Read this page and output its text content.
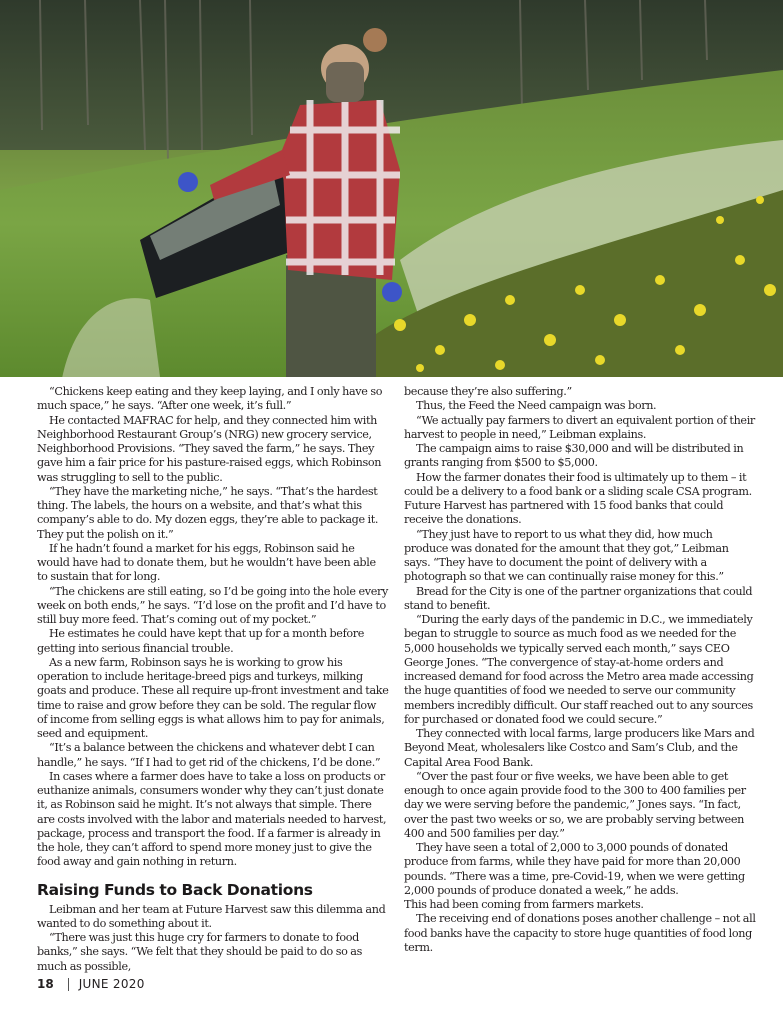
“Chickens keep eating and they keep laying, and I only have so much space,” he says. “After one week, it’s full.”

He contacted MAFRAC for help, and they connected him with Neighborhood Restaurant Group’s (NRG) new grocery service, Neighborhood Provisions. “They saved the farm,” he says. They gave him a fair price for his pasture-raised eggs, which Robinson was struggling to sell to the public.

“They have the marketing niche,” he says. “That’s the hardest thing. The labels, the hours on a website, and that’s what this company’s able to do. My dozen eggs, they’re able to package it. They put the polish on it.”

If he hadn’t found a market for his eggs, Robinson said he would have had to donate them, but he wouldn’t have been able to sustain that for long.

“The chickens are still eating, so I’d be going into the hole every week on both ends,” he says. “I’d lose on the profit and I’d have to still buy more feed. That’s coming out of my pocket.”

He estimates he could have kept that up for a month before getting into serious financial trouble.

As a new farm, Robinson says he is working to grow his operation to include heritage-breed pigs and turkeys, milking goats and produce. These all require up-front investment and take time to raise and grow before they can be sold. The regular flow of income from selling eggs is what allows him to pay for animals, seed and equipment.

“It’s a balance between the chickens and whatever debt I can handle,” he says. “If I had to get rid of the chickens, I’d be done.”

In cases where a farmer does have to take a loss on products or euthanize animals, consumers wonder why they can’t just donate it, as Robinson said he might. It’s not always that simple. There are costs involved with the labor and materials needed to harvest, package, process and transport the food. If a farmer is already in the hole, they can’t afford to spend more money just to give the food away and gain nothing in return.

Raising Funds to Back Donations

Leibman and her team at Future Harvest saw this dilemma and wanted to do something about it.

“There was just this huge cry for farmers to donate to food banks,” she says. “We felt that they should be paid to do so as much as possible,

because they’re also suffering.”

Thus, the Feed the Need campaign was born.

“We actually pay farmers to divert an equivalent portion of their harvest to people in need,” Leibman explains.

The campaign aims to raise $30,000 and will be distributed in grants ranging from $500 to $5,000.

How the farmer donates their food is ultimately up to them – it could be a delivery to a food bank or a sliding scale CSA program. Future Harvest has partnered with 15 food banks that could receive the donations.

“They just have to report to us what they did, how much produce was donated for the amount that they got,” Leibman says. “They have to document the point of delivery with a photograph so that we can continually raise money for this.”

Bread for the City is one of the partner organizations that could stand to benefit.

“During the early days of the pandemic in D.C., we immediately began to struggle to source as much food as we needed for the 5,000 households we typically served each month,” says CEO George Jones. “The convergence of stay-at-home orders and increased demand for food across the Metro area made accessing the huge quantities of food we needed to serve our community members incredibly difficult. Our staff reached out to any sources for purchased or donated food we could secure.”

They connected with local farms, large producers like Mars and Beyond Meat, wholesalers like Costco and Sam’s Club, and the Capital Area Food Bank.

“Over the past four or five weeks, we have been able to get enough to once again provide food to the 300 to 400 families per day we were serving before the pandemic,” Jones says. “In fact, over the past two weeks or so, we are probably serving between 400 and 500 families per day.”

They have seen a total of 2,000 to 3,000 pounds of donated produce from farms, while they have paid for more than 20,000 pounds. “There was a time, pre-Covid-19, when we were getting 2,000 pounds of produce donated a week,” he adds.

This had been coming from farmers markets.

The receiving end of donations poses another challenge – not all food banks have the capacity to store huge quantities of food long term.

18 JUNE 2020
